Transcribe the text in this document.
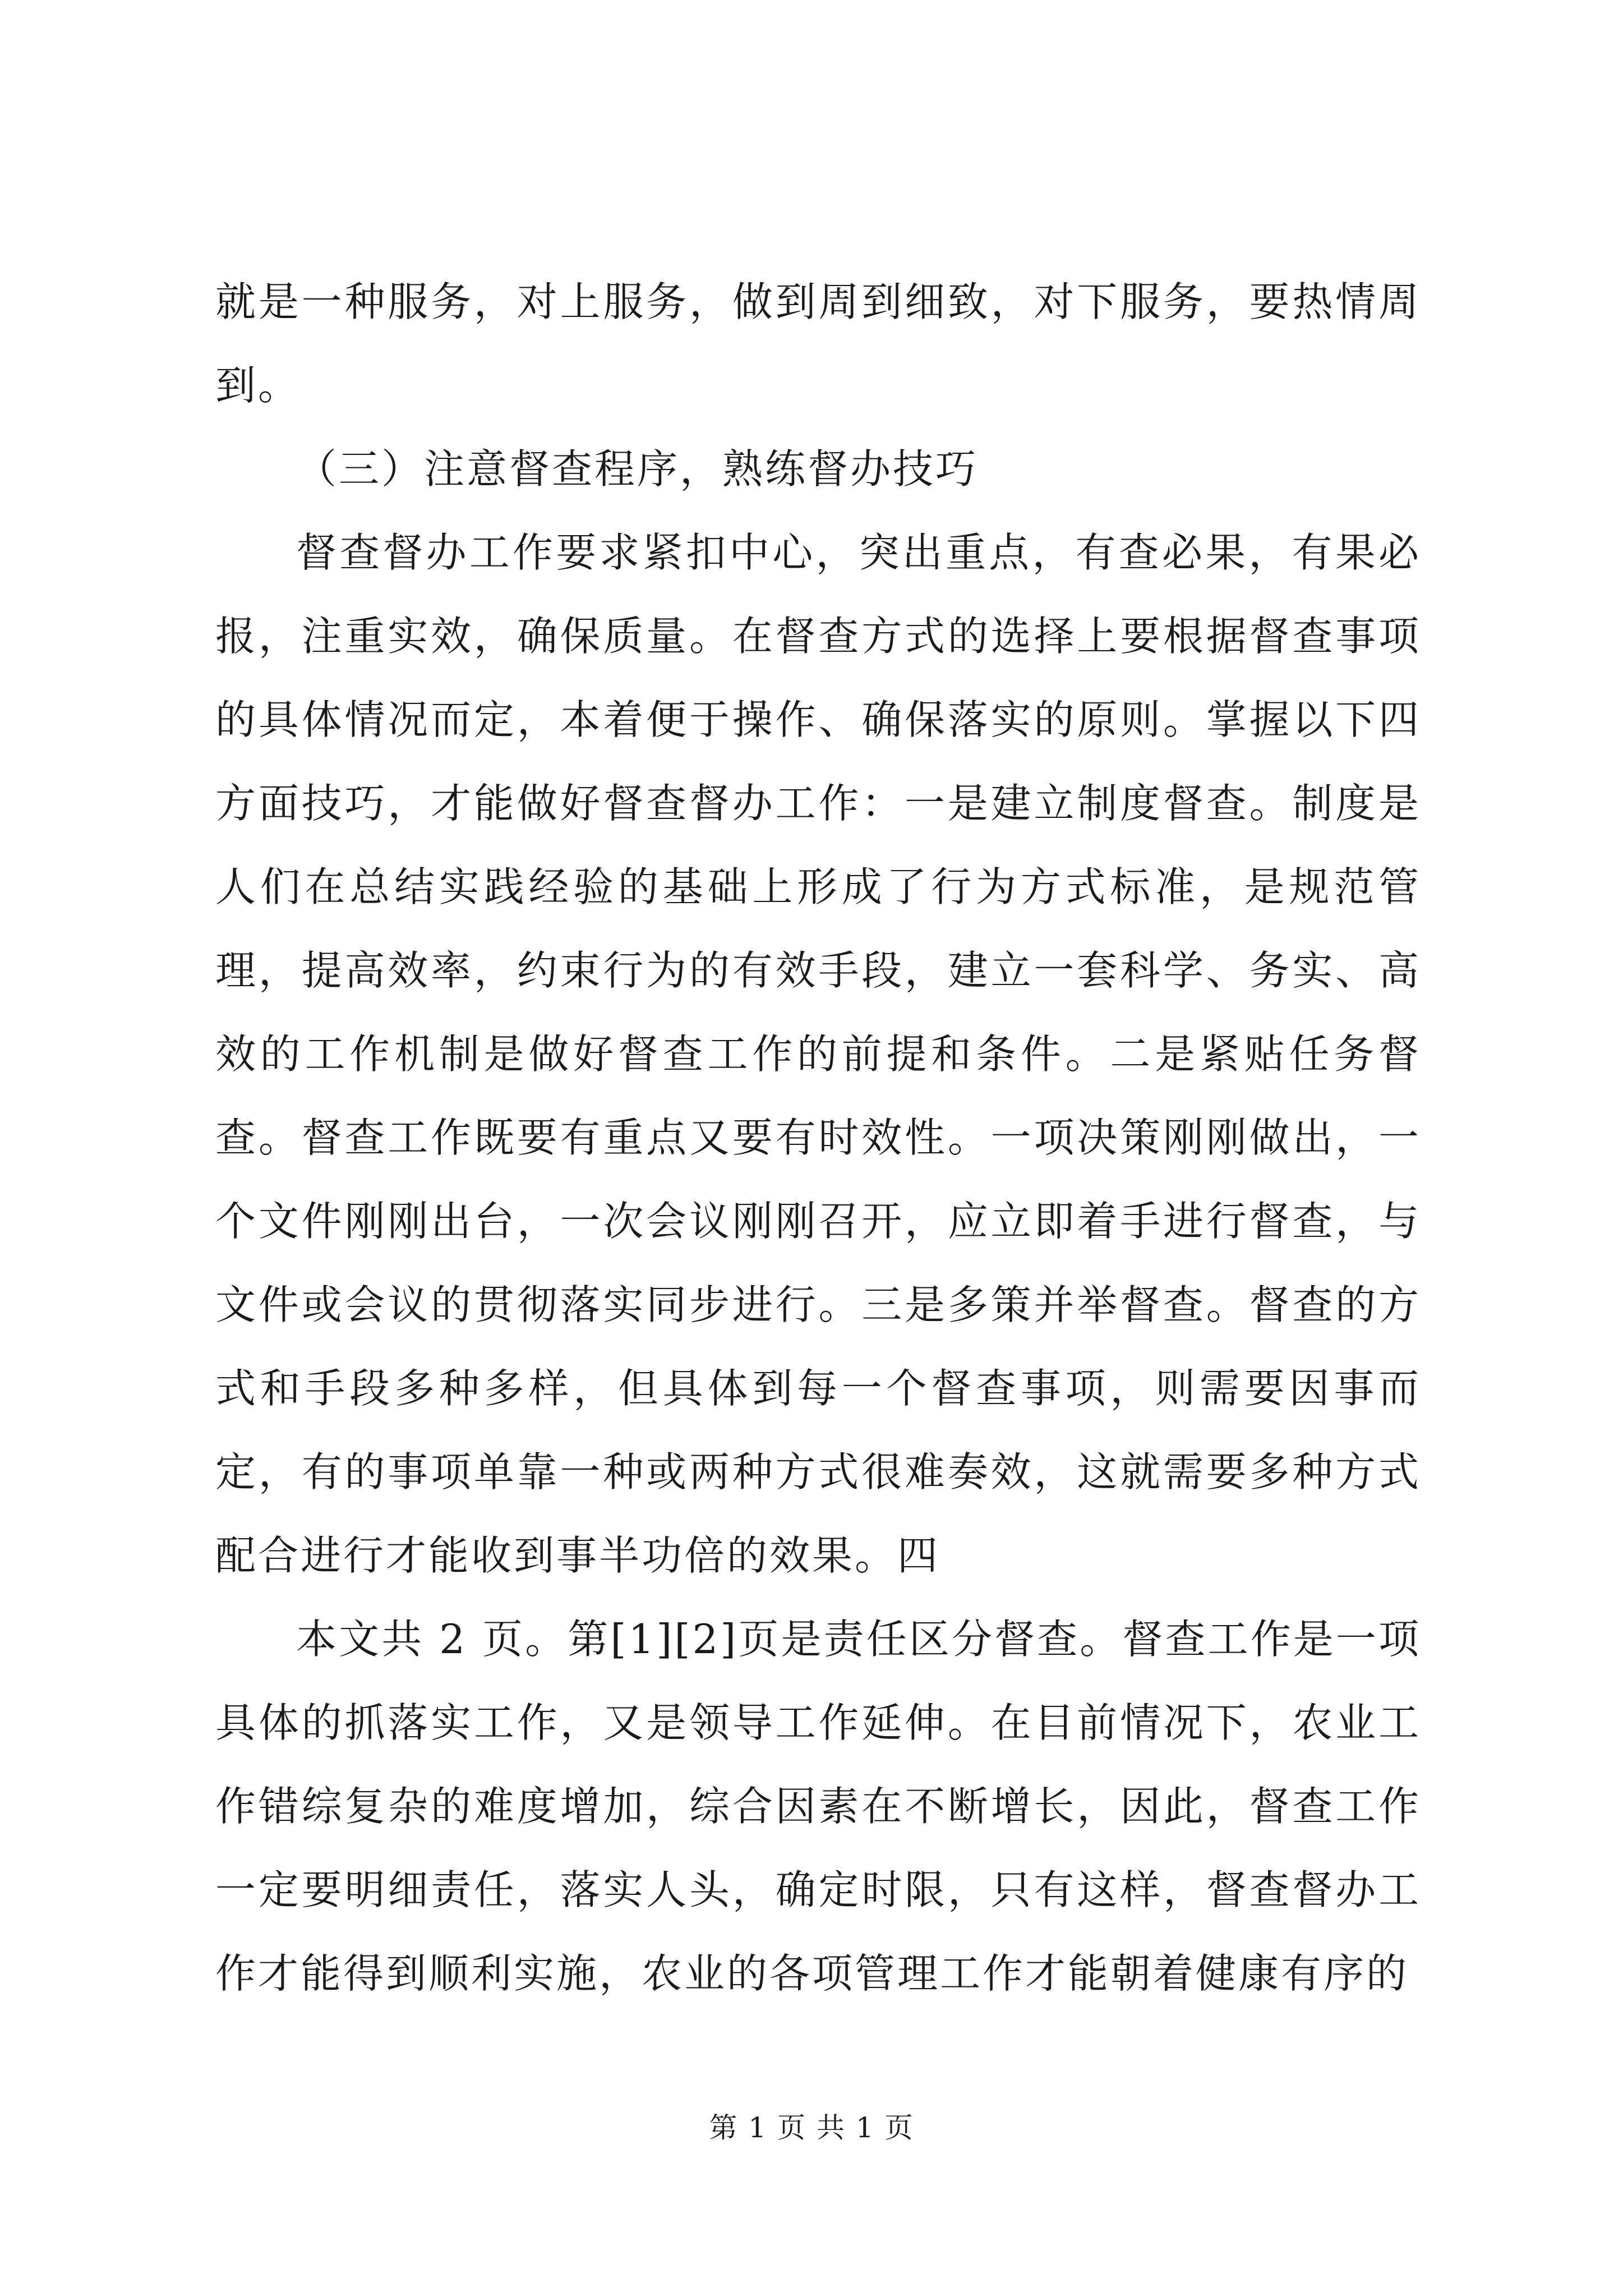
就是一种服务，对上服务，做到周到细致，对下服务，要热情周到。

（三）注意督查程序，熟练督办技巧

督查督办工作要求紧扣中心，突出重点，有查必果，有果必报，注重实效，确保质量。在督查方式的选择上要根据督查事项的具体情况而定，本着便于操作、确保落实的原则。掌握以下四方面技巧，才能做好督查督办工作：一是建立制度督查。制度是人们在总结实践经验的基础上形成了行为方式标准，是规范管理，提高效率，约束行为的有效手段，建立一套科学、务实、高效的工作机制是做好督查工作的前提和条件。二是紧贴任务督查。督查工作既要有重点又要有时效性。一项决策刚刚做出，一个文件刚刚出台，一次会议刚刚召开，应立即着手进行督查，与文件或会议的贯彻落实同步进行。三是多策并举督查。督查的方式和手段多种多样，但具体到每一个督查事项，则需要因事而定，有的事项单靠一种或两种方式很难奏效，这就需要多种方式配合进行才能收到事半功倍的效果。四

本文共 2 页。第[1][2]页是责任区分督查。督查工作是一项具体的抓落实工作，又是领导工作延伸。在目前情况下，农业工作错综复杂的难度增加，综合因素在不断增长，因此，督查工作一定要明细责任，落实人头，确定时限，只有这样，督查督办工作才能得到顺利实施，农业的各项管理工作才能朝着健康有序的

第 1 页 共 1 页
